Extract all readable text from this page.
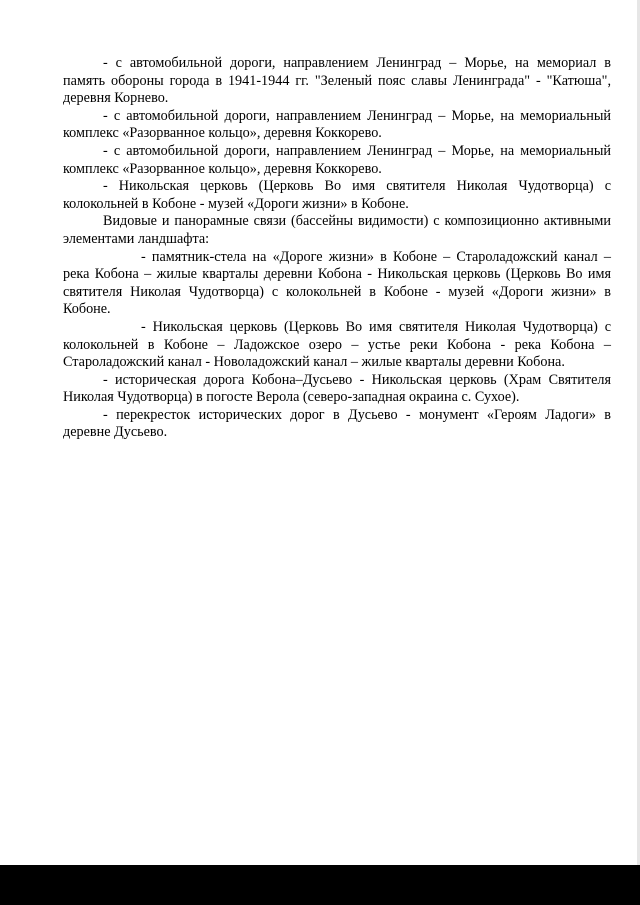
- с автомобильной дороги, направлением Ленинград – Морье, на мемориал в память обороны города в 1941-1944 гг. "Зеленый пояс славы Ленинграда" - "Катюша", деревня Корнево.

- с автомобильной дороги, направлением Ленинград – Морье, на мемориальный комплекс «Разорванное кольцо», деревня Коккорево.

- с автомобильной дороги, направлением Ленинград – Морье, на мемориальный комплекс «Разорванное кольцо», деревня Коккорево.

- Никольская церковь (Церковь Во имя святителя Николая Чудотворца) с колокольней в Кобоне - музей «Дороги жизни» в Кобоне.

Видовые и панорамные связи (бассейны видимости) с композиционно активными элементами ландшафта:

- памятник-стела на «Дороге жизни» в Кобоне – Староладожский канал – река Кобона – жилые кварталы деревни Кобона - Никольская церковь (Церковь Во имя святителя Николая Чудотворца) с колокольней в Кобоне - музей «Дороги жизни» в Кобоне.

- Никольская церковь (Церковь Во имя святителя Николая Чудотворца) с колокольней в Кобоне – Ладожское озеро – устье реки Кобона - река Кобона – Староладожский канал - Новоладожский канал – жилые кварталы деревни Кобона.

- историческая дорога Кобона–Дусьево - Никольская церковь (Храм Святителя Николая Чудотворца) в погосте Верола (северо-западная окраина с. Сухое).

- перекресток исторических дорог в Дусьево - монумент «Героям Ладоги» в деревне Дусьево.
